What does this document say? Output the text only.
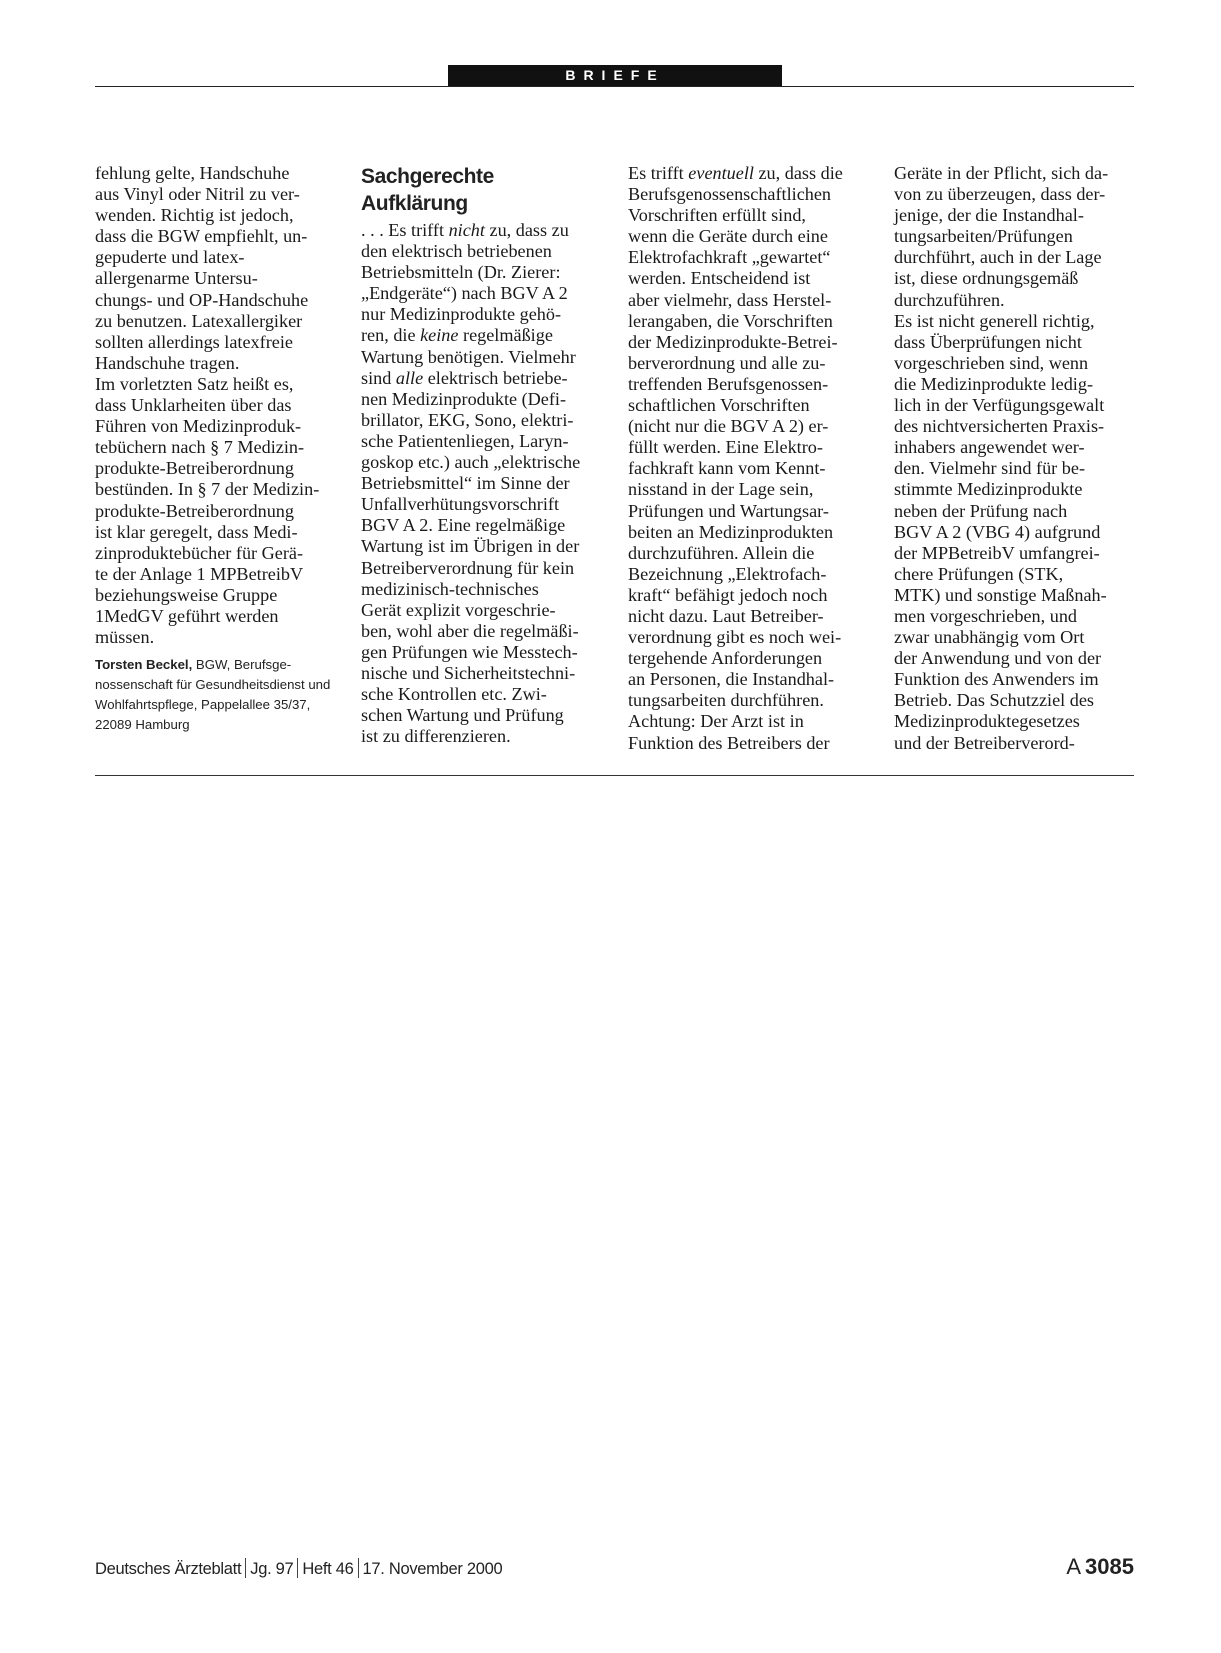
BRIEFE
fehlung gelte, Handschuhe
aus Vinyl oder Nitril zu ver-
wenden. Richtig ist jedoch,
dass die BGW empfiehlt, un-
gepuderte und latex-
allergenarme Untersu-
chungs- und OP-Handschuhe
zu benutzen. Latexallergiker
sollten allerdings latexfreie
Handschuhe tragen.
Im vorletzten Satz heißt es,
dass Unklarheiten über das
Führen von Medizinproduk-
tebüchern nach § 7 Medizin-
produkte-Betreiberordnung
bestünden. In § 7 der Medizin-
produkte-Betreiberordnung
ist klar geregelt, dass Medi-
zinproduktebücher für Gerä-
te der Anlage 1 MPBetreibV
beziehungsweise Gruppe
1MedGV geführt werden
müssen.
Torsten Beckel, BGW, Berufsge-
nossenschaft für Gesundheitsdienst und
Wohlfahrtspflege, Pappelallee 35/37,
22089 Hamburg
Sachgerechte
Aufklärung
. . . Es trifft nicht zu, dass zu
den elektrisch betriebenen
Betriebsmitteln (Dr. Zierer:
„Endgeräte“) nach BGV A 2
nur Medizinprodukte gehö-
ren, die keine regelmäßige
Wartung benötigen. Vielmehr
sind alle elektrisch betriebe-
nen Medizinprodukte (Defi-
brillator, EKG, Sono, elektri-
sche Patientenliegen, Laryn-
goskop etc.) auch „elektrische
Betriebsmittel“ im Sinne der
Unfallverhütungsvorschrift
BGV A 2. Eine regelmäßige
Wartung ist im Übrigen in der
Betreiberverordnung für kein
medizinisch-technisches
Gerät explizit vorgeschrie-
ben, wohl aber die regelmäßi-
gen Prüfungen wie Messtech-
nische und Sicherheitstechni-
sche Kontrollen etc. Zwi-
schen Wartung und Prüfung
ist zu differenzieren.
Es trifft eventuell zu, dass die
Berufsgenossenschaftlichen
Vorschriften erfüllt sind,
wenn die Geräte durch eine
Elektrofachkraft „gewartet“
werden. Entscheidend ist
aber vielmehr, dass Herstel-
lerangaben, die Vorschriften
der Medizinprodukte-Betrei-
berverordnung und alle zu-
treffenden Berufsgenossen-
schaftlichen Vorschriften
(nicht nur die BGV A 2) er-
füllt werden. Eine Elektro-
fachkraft kann vom Kennt-
nisstand in der Lage sein,
Prüfungen und Wartungsar-
beiten an Medizinprodukten
durchzuführen. Allein die
Bezeichnung „Elektrofach-
kraft“ befähigt jedoch noch
nicht dazu. Laut Betreiber-
verordnung gibt es noch wei-
tergehende Anforderungen
an Personen, die Instandhal-
tungsarbeiten durchführen.
Achtung: Der Arzt ist in
Funktion des Betreibers der
Geräte in der Pflicht, sich da-
von zu überzeugen, dass der-
jenige, der die Instandhal-
tungsarbeiten/Prüfungen
durchführt, auch in der Lage
ist, diese ordnungsgemäß
durchzuführen.
Es ist nicht generell richtig,
dass Überprüfungen nicht
vorgeschrieben sind, wenn
die Medizinprodukte ledig-
lich in der Verfügungsgewalt
des nichtversicherten Praxis-
inhabers angewendet wer-
den. Vielmehr sind für be-
stimmte Medizinprodukte
neben der Prüfung nach
BGV A 2 (VBG 4) aufgrund
der MPBetreibV umfangrei-
chere Prüfungen (STK,
MTK) und sonstige Maßnah-
men vorgeschrieben, und
zwar unabhängig vom Ort
der Anwendung und von der
Funktion des Anwenders im
Betrieb. Das Schutzziel des
Medizinproduktegesetzes
und der Betreiberverord-
Deutsches Ärzteblatt Jg. 97 Heft 46 17. November 2000	A 3085
